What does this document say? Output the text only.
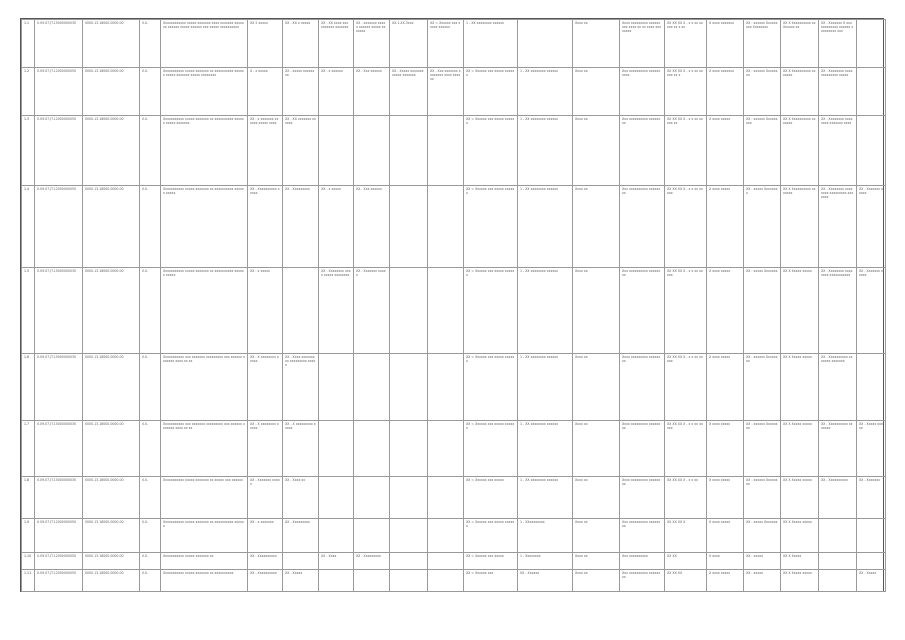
1.1	0.09.07.JT.15000000030	0000.13.18000.0000.00	0.0-	Xxxxxxxxxxxx xxxxx xxxxxxx xxxx xxxxxxx xxxxxxx xxxxxx xxxxx xxxxxx xxx xxxxx xxxxxxxxxx	XX 2 xxxxx	XX - XX x xxxxx	XX - XX xxxx xxx xxxxxxx xxxxxxx	XX - xxxxxxx xxxxx xxxxxx xxxxx xxxxxxx	XX.1-XX.3xxx	XX = Xxxxxx xxx xxxxx xxxxxx	1 - XX xxxxxxxx xxxxxx		Xxxx xx	Xxxx xxxxxxxxx xxxxxxxxx xxxx xx xx xxxx xxxxxxxx	XX XX XX X - x x xx xxxxx xx x xx	X xxxx xxxxxxx	XX - xxxxxx Xxxxxxxxx Xxxxxxxx	XX X Xxxxxxxxxx xx Xxxxxx xx	XX - Xxxxxxx X xxx xxxxxxxxx xxxxxx xxxxxxxxx xxx	
1.2	0.09.07.JT.12000000050	0000.13.18000.0000.00	0.0-	Xxxxxxxxxxx xxxxx xxxxxxx xx xxxxxxxxxx xxxxxx xxxxx xxxxxxx xxxxx xxxxxxxx	X - x xxxxx	XX - xxxxx xxxxxxxx	XX - x xxxxxx	XX - Xxx xxxxxx	XX - Xxxxx xxxxxxx xxxxx xxxxxxx	XX - Xxx xxxxxxx xxxxxxxx xxxx xxxxxx	XX = Xxxxxx xxx xxxxx xxxxxx	1 - XX xxxxxxxx xxxxxx	Xxxx xx	Xxx xxxxxxxxxx xxxxxxxxxx	XX XX XX X - x x xx xxxxx xx x	X xxxx xxxxxxx	XX - xxxxxx Xxxxxxxx	XX X Xxxxxxxxxx xx xxxxx	XX - Xxxxxxxx xxxx xxxxxxxxx xxxxx	
1.3	0.09.07.JT.12000000050	0000.13.18000.0000.00	0.0-	Xxxxxxxxxxx xxxxx xxxxxxx xx xxxxxxxxxx xxxxxx xxxxx xxxxxxx	XX - x xxxxxxx xxxxxx xxxxx xxxx	XX - XX xxxxxxx xxxxxx					XX = Xxxxxx xxx xxxxx xxxxxx	1 - XX xxxxxxxx xxxxxx	Xxxx xx	Xxx xxxxxxxxxx xxxxxxxx	XX XX XX X - x x xx xxxxx xx	X xxxx xxxxx	XX - xxxxxx Xxxxxxxxx	XX X Xxxxxxxxxx xx xxxxx	XX - Xxxxxxxx xxxxxxxx xxxxxxx xxxx	
1.4	0.09.07.JT.12000000050	0000.13.18000.0000.00	0.0-	Xxxxxxxxxxx xxxxx xxxxxxx xx xxxxxxxxxx xxxxxx xxxxx	XX - Xxxxxxxxxx xxxxx	XX - Xxxxxxxxx	XX - x xxxxx	XX - Xxx xxxxxx			XX = Xxxxxx xxx xxxxx xxxxxx	1 - XX xxxxxxxx xxxxxx	Xxxx xx	Xxx xxxxxxxxxx xxxxxxxx	XX XX XX X - x x xx xxxxx	X xxxx xxxxx	XX - xxxxx Xxxxxxxx	XX X Xxxxxxxxxx xx xxxxx	XX - Xxxxxxxx xxxxxxxx xxxxxxxxx xxxxxxx	XX - Xxxxxxx xxxxx
1.5	0.09.07.JT.15000000030	0000.13.18000.0000.00	0.0-	Xxxxxxxxxxx xxxxx xxxxxxx xx xxxxxxxxxx xxxxxx xxxxx	XX - x xxxxx		XX - Xxxxxxxx xxxx xxxxx xxxxxxxx	XX - Xxxxxxx xxxxx			XX = Xxxxxx xxx xxxxx xxxxxx	1 - XX xxxxxxxx xxxxxx	Xxxx xx	Xxx xxxxxxxxxx xxxxxxxx	XX XX XX X - x x xx xxxxx	X xxxx xxxxx	XX - xxxxx Xxxxxxx	XX X Xxxxx xxxxx	XX - Xxxxxxxx xxxxxxxx xxxxxxxxxxx	XX - Xxxxxxx xxxxx
1.6	0.09.07.JT.15000000030	0000.13.18000.0000.00	0.0-	Xxxxxxxxxxx xxx xxxxxxx xxxxxxxxx xxx xxxxxx xxxxxxx xxxx xx xx	XX - X xxxxxxxx xxxxx	XX - Xxxx xxxxxxxxx xxxxxxxxx xxxxx					XX = Xxxxxx xxx xxxxx xxxxxx	1 - XX xxxxxxxx xxxxxx	Xxxx xx	Xxxx xxxxxxxxx xxxxxxxx	XX XX XX X - x x xx xxxxx	X xxxx xxxxx	XX - xxxxxx Xxxxxxxx	XX X Xxxxx xxxxx	XX - Xxxxxxxxxx xxxxxxx xxxxxxx	
1.7	0.09.07.JT.15000000030	0000.13.18000.0000.00	0.0-	Xxxxxxxxxxx xxx xxxxxxx xxxxxxxxx xxx xxxxxx xxxxxxx xxxx xx xx	XX - X xxxxxxxx xxxxx	XX - X xxxxxxxxx xxxxx					XX = Xxxxxx xxx xxxxx xxxxxx	1 - XX xxxxxxxx xxxxxx	Xxxx xx	Xxxx xxxxxxxxx xxxxxxxx	XX XX XX X - x x xx xxxxx	X xxxx xxxxx	XX - xxxxxx Xxxxxxxx	XX X Xxxxx xxxxx	XX - Xxxxxxxxxx xxxxxxx	XX - Xxxxx xxxxx
1.8	0.09.07.JT.15000000030	0000.13.18000.0000.00	0.0-	Xxxxxxxxxxx xxxxx xxxxxxx xx xxxxx xxx xxxxxx	XX - Xxxxxxx xxxxx	XX - Xxxx xx					XX = Xxxxxx xxx xxxxx	1 - XX xxxxxxxx xxxxxx	Xxxx xx	Xxxx xxxxxxxxx xxxxxxxx	XX XX XX X - x x xx	X xxxx xxxxx	XX - xxxxxx Xxxxxxxx	XX X Xxxxx xxxxx	XX - Xxxxxxxxxx	XX - Xxxxxxx
1.9	0.09.07.JT.12000000050	0000.13.18000.0000.00	0.0-	Xxxxxxxxxxx xxxxx xxxxxxx xx xxxxxxxxxx xxxxxx	XX - x xxxxxxx	XX - Xxxxxxxxx					XX = Xxxxxx xxx xxxxx xxxxxx	1 - XXxxxxxxxx	Xxxx xx	Xxx xxxxxxxxxx xxxxxxxx	XX XX XX X	X xxxx xxxxx	XX - xxxxx Xxxxxxx	XX X Xxxxx xxxxx		
1.10	0.09.07.JT.12000000050	0000.13.18000.0000.00	0.0-	Xxxxxxxxxxx xxxxx xxxxxxx xx	XX - Xxxxxxxxxx		XX - Xxxx	XX - Xxxxxxxxx			XX = Xxxxxx xxx xxxxx	1 - Xxxxxxxx	Xxxx xx	Xxx xxxxxxxxxx	XX XX	X xxxx	XX - xxxxx	XX X Xxxxx		
1.11	0.09.07.JT.12000000050	0000.13.18000.0000.00	0.0-	Xxxxxxxxxxx xxxxx xxxxxxx xx xxxxxxxxxx	XX - Xxxxxxxxxx	XX - Xxxxx					XX = Xxxxxx xxx	XX - Xxxxxx	Xxxx xx	Xxx xxxxxxxxxx xxxxxxxx	XX XX XX	X xxxx xxxxx	XX - xxxxx	XX X Xxxxx xxxxx		XX - Xxxxx
